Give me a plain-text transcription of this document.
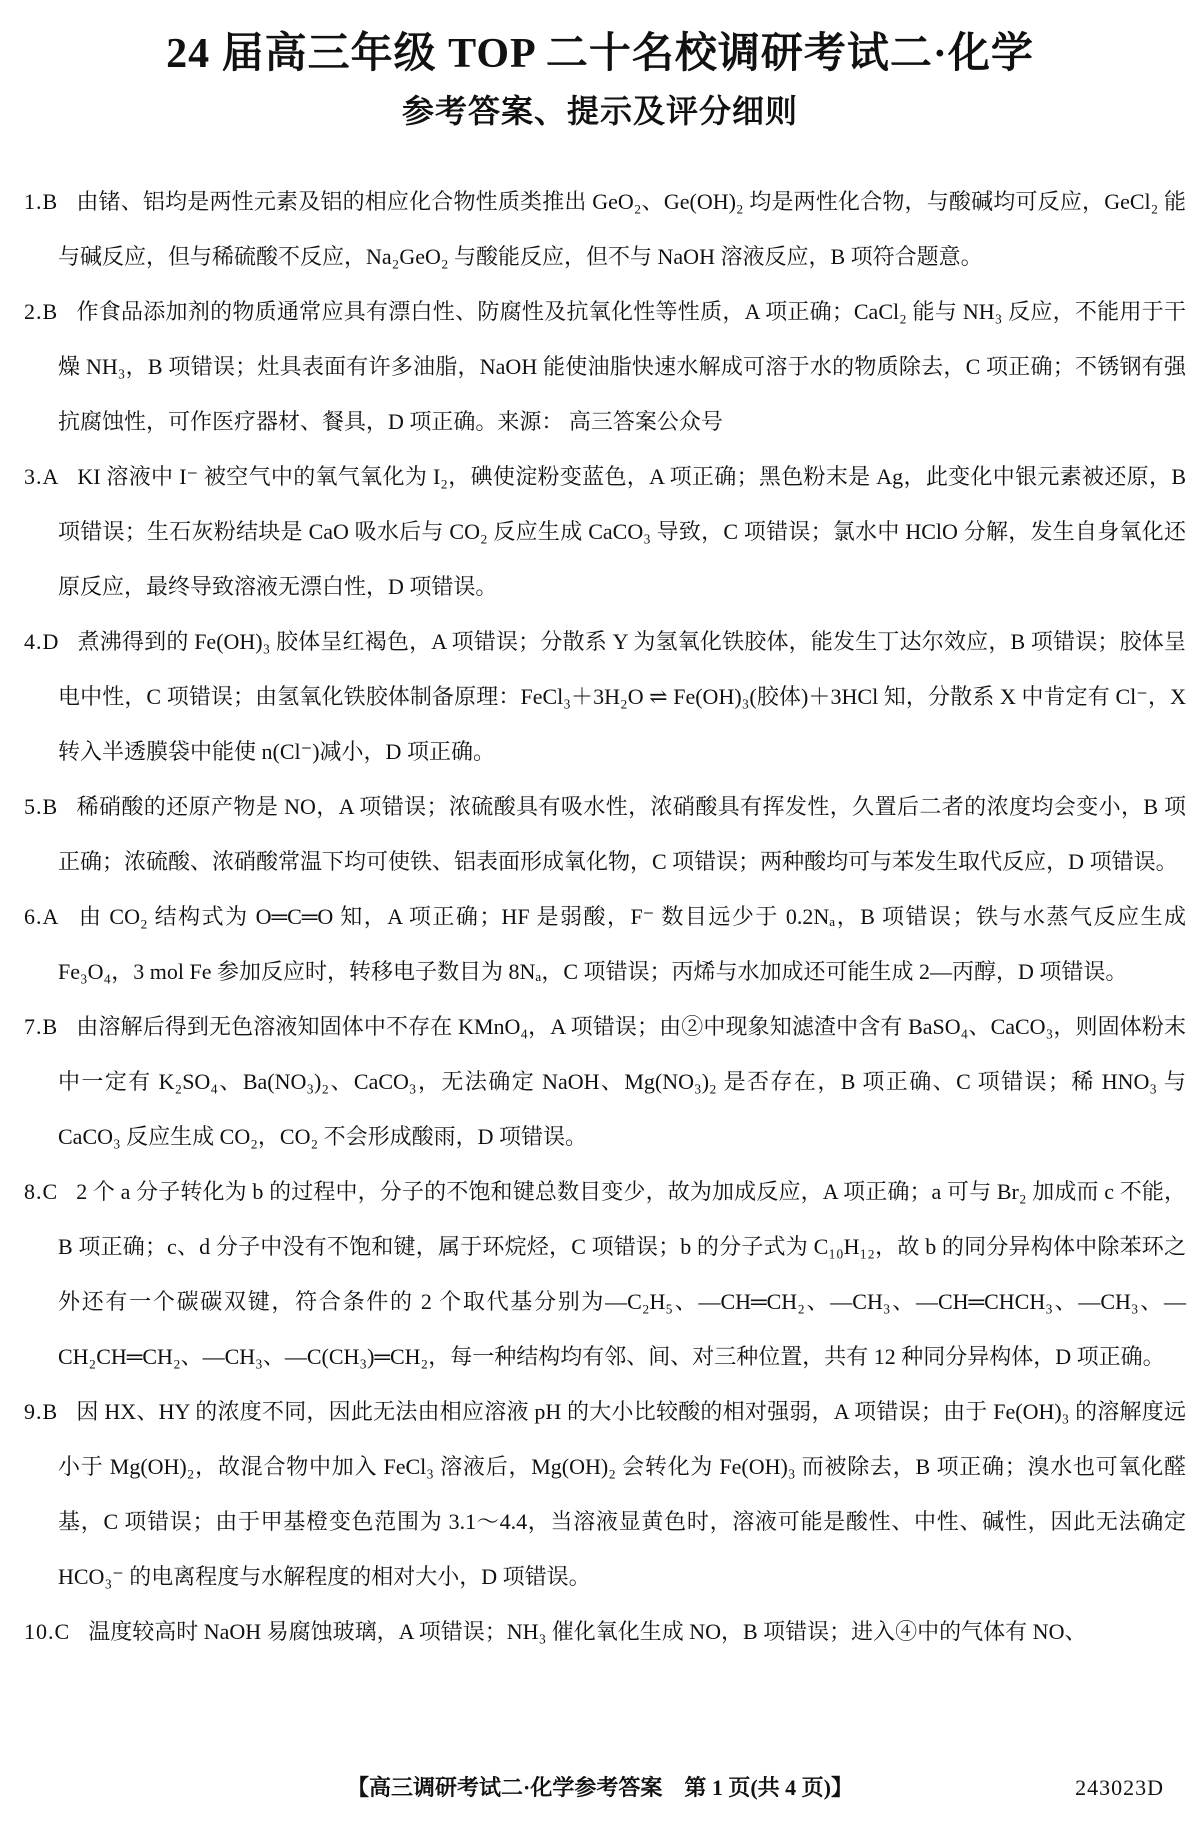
24 届高三年级 TOP 二十名校调研考试二·化学
参考答案、提示及评分细则
1.B 由锗、铝均是两性元素及铝的相应化合物性质类推出 GeO₂、Ge(OH)₂ 均是两性化合物，与酸碱均可反应，GeCl₂ 能与碱反应，但与稀硫酸不反应，Na₂GeO₂ 与酸能反应，但不与 NaOH 溶液反应，B 项符合题意。
2.B 作食品添加剂的物质通常应具有漂白性、防腐性及抗氧化性等性质，A 项正确；CaCl₂ 能与 NH₃ 反应，不能用于干燥 NH₃，B 项错误；灶具表面有许多油脂，NaOH 能使油脂快速水解成可溶于水的物质除去，C 项正确；不锈钢有强抗腐蚀性，可作医疗器材、餐具，D 项正确。来源： 高三答案公众号
3.A KI 溶液中 I⁻ 被空气中的氧气氧化为 I₂，碘使淀粉变蓝色，A 项正确；黑色粉末是 Ag，此变化中银元素被还原，B 项错误；生石灰粉结块是 CaO 吸水后与 CO₂ 反应生成 CaCO₃ 导致，C 项错误；氯水中 HClO 分解，发生自身氧化还原反应，最终导致溶液无漂白性，D 项错误。
4.D 煮沸得到的 Fe(OH)₃ 胶体呈红褐色，A 项错误；分散系 Y 为氢氧化铁胶体，能发生丁达尔效应，B 项错误；胶体呈电中性，C 项错误；由氢氧化铁胶体制备原理：FeCl₃＋3H₂O ⇌ Fe(OH)₃(胶体)＋3HCl 知，分散系 X 中肯定有 Cl⁻，X 转入半透膜袋中能使 n(Cl⁻)减小，D 项正确。
5.B 稀硝酸的还原产物是 NO，A 项错误；浓硫酸具有吸水性，浓硝酸具有挥发性，久置后二者的浓度均会变小，B 项正确；浓硫酸、浓硝酸常温下均可使铁、铝表面形成氧化物，C 项错误；两种酸均可与苯发生取代反应，D 项错误。
6.A 由 CO₂ 结构式为 O═C═O 知，A 项正确；HF 是弱酸，F⁻ 数目远少于 0.2Nₐ，B 项错误；铁与水蒸气反应生成 Fe₃O₄，3 mol Fe 参加反应时，转移电子数目为 8Nₐ，C 项错误；丙烯与水加成还可能生成 2—丙醇，D 项错误。
7.B 由溶解后得到无色溶液知固体中不存在 KMnO₄，A 项错误；由②中现象知滤渣中含有 BaSO₄、CaCO₃，则固体粉末中一定有 K₂SO₄、Ba(NO₃)₂、CaCO₃，无法确定 NaOH、Mg(NO₃)₂ 是否存在，B 项正确、C 项错误；稀 HNO₃ 与 CaCO₃ 反应生成 CO₂，CO₂ 不会形成酸雨，D 项错误。
8.C 2 个 a 分子转化为 b 的过程中，分子的不饱和键总数目变少，故为加成反应，A 项正确；a 可与 Br₂ 加成而 c 不能，B 项正确；c、d 分子中没有不饱和键，属于环烷烃，C 项错误；b 的分子式为 C₁₀H₁₂，故 b 的同分异构体中除苯环之外还有一个碳碳双键，符合条件的 2 个取代基分别为—C₂H₅、—CH═CH₂、—CH₃、—CH═CHCH₃、—CH₃、—CH₂CH═CH₂、—CH₃、—C(CH₃)═CH₂，每一种结构均有邻、间、对三种位置，共有 12 种同分异构体，D 项正确。
9.B 因 HX、HY 的浓度不同，因此无法由相应溶液 pH 的大小比较酸的相对强弱，A 项错误；由于 Fe(OH)₃ 的溶解度远小于 Mg(OH)₂，故混合物中加入 FeCl₃ 溶液后，Mg(OH)₂ 会转化为 Fe(OH)₃ 而被除去，B 项正确；溴水也可氧化醛基，C 项错误；由于甲基橙变色范围为 3.1～4.4，当溶液显黄色时，溶液可能是酸性、中性、碱性，因此无法确定 HCO₃⁻ 的电离程度与水解程度的相对大小，D 项错误。
10.C 温度较高时 NaOH 易腐蚀玻璃，A 项错误；NH₃ 催化氧化生成 NO，B 项错误；进入④中的气体有 NO、
【高三调研考试二·化学参考答案　第 1 页(共 4 页)】	243023D
